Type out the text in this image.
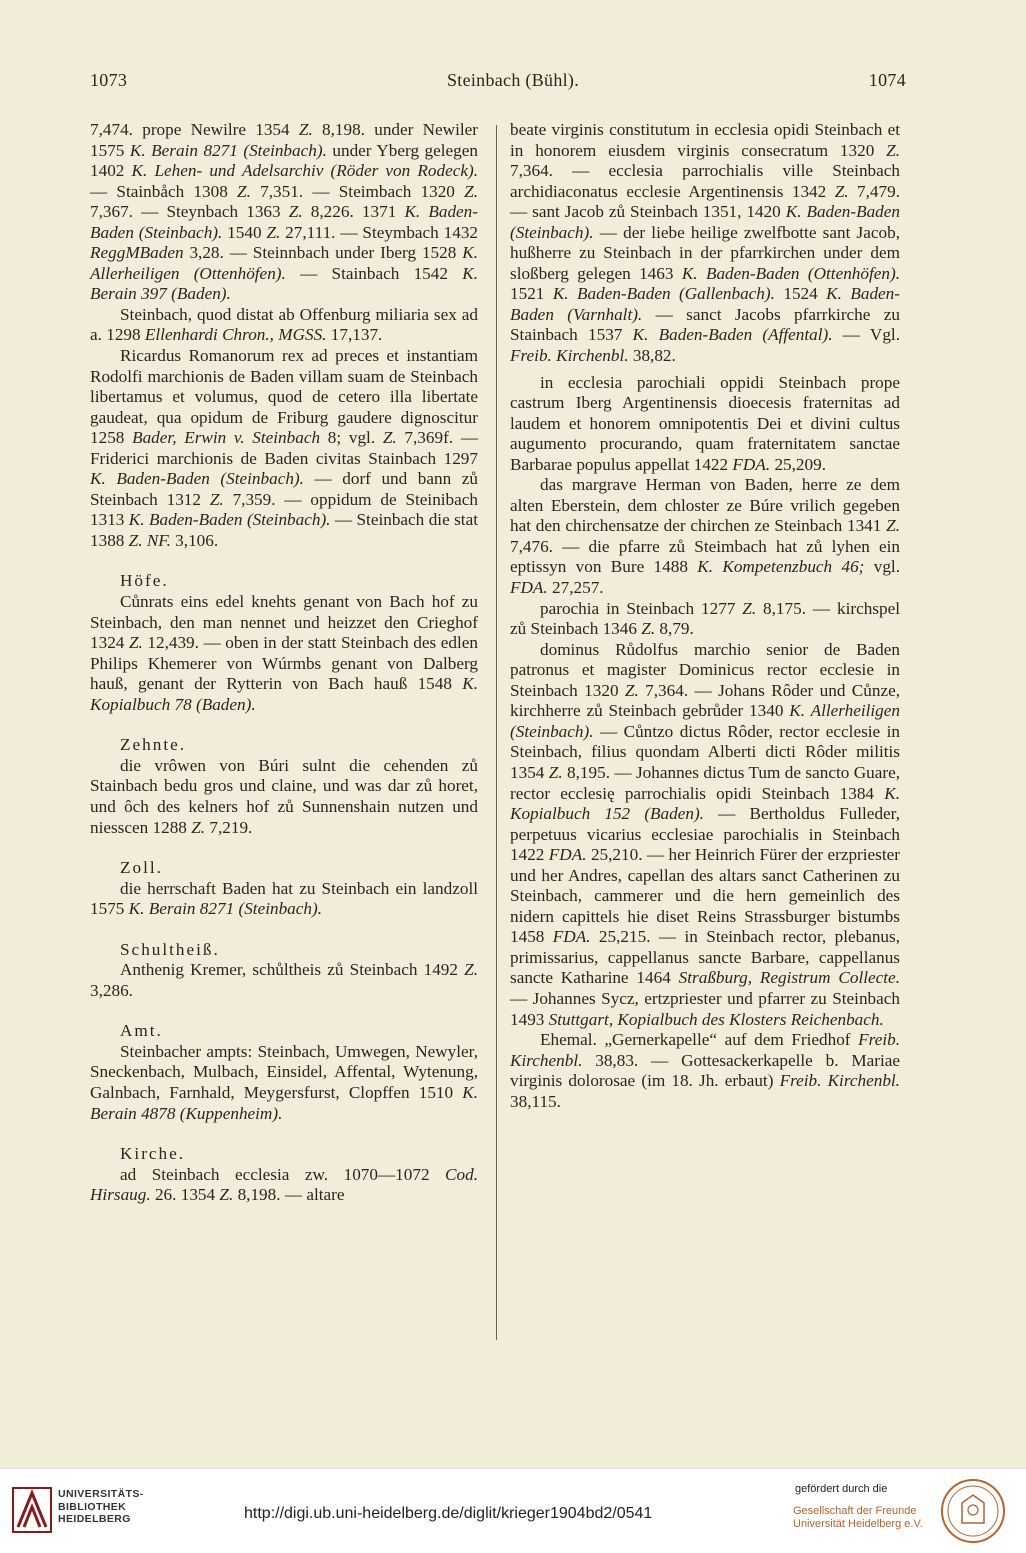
1073	Steinbach (Bühl).	1074

7,474. prope Newilre 1354 Z. 8,198. under Newiler 1575 K. Berain 8271 (Steinbach). under Yberg gelegen 1402 K. Lehen- und Adelsarchiv (Röder von Rodeck). — Stainbåch 1308 Z. 7,351. — Steimbach 1320 Z. 7,367. — Steynbach 1363 Z. 8,226. 1371 K. Baden-Baden (Steinbach). 1540 Z. 27,111. — Steymbach 1432 ReggMBaden 3,28. — Steinnbach under Iberg 1528 K. Allerheiligen (Ottenhöfen). — Stainbach 1542 K. Berain 397 (Baden).

Steinbach, quod distat ab Offenburg miliaria sex ad a. 1298 Ellenhardi Chron., MGSS. 17,137.

Ricardus Romanorum rex ad preces et instantiam Rodolfi marchionis de Baden villam suam de Steinbach libertamus et volumus, quod de cetero illa libertate gaudeat, qua opidum de Friburg gaudere dignoscitur 1258 Bader, Erwin v. Steinbach 8; vgl. Z. 7,369f. — Friderici marchionis de Baden civitas Stainbach 1297 K. Baden-Baden (Steinbach). — dorf und bann zů Steinbach 1312 Z. 7,359. — oppidum de Steinibach 1313 K. Baden-Baden (Steinbach). — Steinbach die stat 1388 Z. NF. 3,106.

Höfe.

Cůnrats eins edel knehts genant von Bach hof zu Steinbach, den man nennet und heizzet den Crieghof 1324 Z. 12,439. — oben in der statt Steinbach des edlen Philips Khemerer von Wúrmbs genant von Dalberg hauß, genant der Rytterin von Bach hauß 1548 K. Kopialbuch 78 (Baden).

Zehnte.

die vrôwen von Búri sulnt die cehenden zů Stainbach bedu gros und claine, und was dar zů horet, und ôch des kelners hof zů Sunnenshain nutzen und niesscen 1288 Z. 7,219.

Zoll.

die herrschaft Baden hat zu Steinbach ein landzoll 1575 K. Berain 8271 (Steinbach).

Schultheiß.

Anthenig Kremer, schůltheis zů Steinbach 1492 Z. 3,286.

Amt.

Steinbacher ampts: Steinbach, Umwegen, Newyler, Sneckenbach, Mulbach, Einsidel, Affental, Wytenung, Galnbach, Farnhald, Meygersfurst, Clopffen 1510 K. Berain 4878 (Kuppenheim).

Kirche.

ad Steinbach ecclesia zw. 1070—1072 Cod. Hirsaug. 26. 1354 Z. 8,198. — altare

beate virginis constitutum in ecclesia opidi Steinbach et in honorem eiusdem virginis consecratum 1320 Z. 7,364. — ecclesia parrochialis ville Steinbach archidiaconatus ecclesie Argentinensis 1342 Z. 7,479. — sant Jacob zů Steinbach 1351, 1420 K. Baden-Baden (Steinbach). — der liebe heilige zwelfbotte sant Jacob, hußherre zu Steinbach in der pfarrkirchen under dem sloßberg gelegen 1463 K. Baden-Baden (Ottenhöfen). 1521 K. Baden-Baden (Gallenbach). 1524 K. Baden-Baden (Varnhalt). — sanct Jacobs pfarrkirche zu Stainbach 1537 K. Baden-Baden (Affental). — Vgl. Freib. Kirchenbl. 38,82.

in ecclesia parochiali oppidi Steinbach prope castrum Iberg Argentinensis dioecesis fraternitas ad laudem et honorem omnipotentis Dei et divini cultus augumento procurando, quam fraternitatem sanctae Barbarae populus appellat 1422 FDA. 25,209.

das margrave Herman von Baden, herre ze dem alten Eberstein, dem chloster ze Búre vrilich gegeben hat den chirchensatze der chirchen ze Steinbach 1341 Z. 7,476. — die pfarre zů Steimbach hat zů lyhen ein eptissyn von Bure 1488 K. Kompetenzbuch 46; vgl. FDA. 27,257.

parochia in Steinbach 1277 Z. 8,175. — kirchspel zů Steinbach 1346 Z. 8,79.

dominus Růdolfus marchio senior de Baden patronus et magister Dominicus rector ecclesie in Steinbach 1320 Z. 7,364. — Johans Rôder und Cůnze, kirchherre zů Steinbach gebrůder 1340 K. Allerheiligen (Steinbach). — Cůntzo dictus Rôder, rector ecclesie in Steinbach, filius quondam Alberti dicti Rôder militis 1354 Z. 8,195. — Johannes dictus Tum de sancto Guare, rector ecclesię parrochialis opidi Steinbach 1384 K. Kopialbuch 152 (Baden). — Bertholdus Fulleder, perpetuus vicarius ecclesiae parochialis in Steinbach 1422 FDA. 25,210. — her Heinrich Fürer der erzpriester und her Andres, capellan des altars sanct Catherinen zu Steinbach, cammerer und die hern gemeinlich des nidern capittels hie diset Reins Strassburger bistumbs 1458 FDA. 25,215. — in Steinbach rector, plebanus, primissarius, cappellanus sancte Barbare, cappellanus sancte Katharine 1464 Straßburg, Registrum Collecte. — Johannes Sycz, ertzpriester und pfarrer zu Steinbach 1493 Stuttgart, Kopialbuch des Klosters Reichenbach.

Ehemal. „Gernerkapelle“ auf dem Friedhof Freib. Kirchenbl. 38,83. — Gottesackerkapelle b. Mariae virginis dolorosae (im 18. Jh. erbaut) Freib. Kirchenbl. 38,115.

UNIVERSITÄTS-
BIBLIOTHEK
HEIDELBERG	http://digi.ub.uni-heidelberg.de/diglit/krieger1904bd2/0541
gefördert durch die
Gesellschaft der Freunde
Universität Heidelberg e.V.
